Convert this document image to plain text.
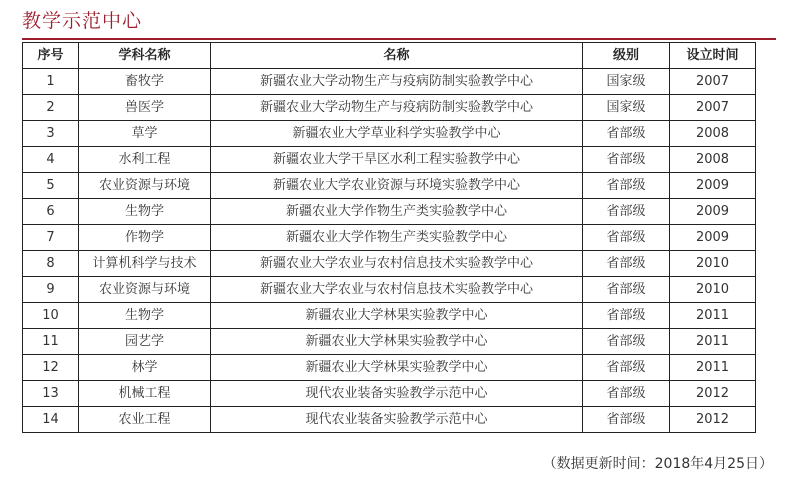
教学示范中心
序号	学科名称	名称	级别	设立时间
1	畜牧学	新疆农业大学动物生产与疫病防制实验教学中心	国家级	2007
2	兽医学	新疆农业大学动物生产与疫病防制实验教学中心	国家级	2007
3	草学	新疆农业大学草业科学实验教学中心	省部级	2008
4	水利工程	新疆农业大学干旱区水利工程实验教学中心	省部级	2008
5	农业资源与环境	新疆农业大学农业资源与环境实验教学中心	省部级	2009
6	生物学	新疆农业大学作物生产类实验教学中心	省部级	2009
7	作物学	新疆农业大学作物生产类实验教学中心	省部级	2009
8	计算机科学与技术	新疆农业大学农业与农村信息技术实验教学中心	省部级	2010
9	农业资源与环境	新疆农业大学农业与农村信息技术实验教学中心	省部级	2010
10	生物学	新疆农业大学林果实验教学中心	省部级	2011
11	园艺学	新疆农业大学林果实验教学中心	省部级	2011
12	林学	新疆农业大学林果实验教学中心	省部级	2011
13	机械工程	现代农业装备实验教学示范中心	省部级	2012
14	农业工程	现代农业装备实验教学示范中心	省部级	2012
（数据更新时间：2018年4月25日）
